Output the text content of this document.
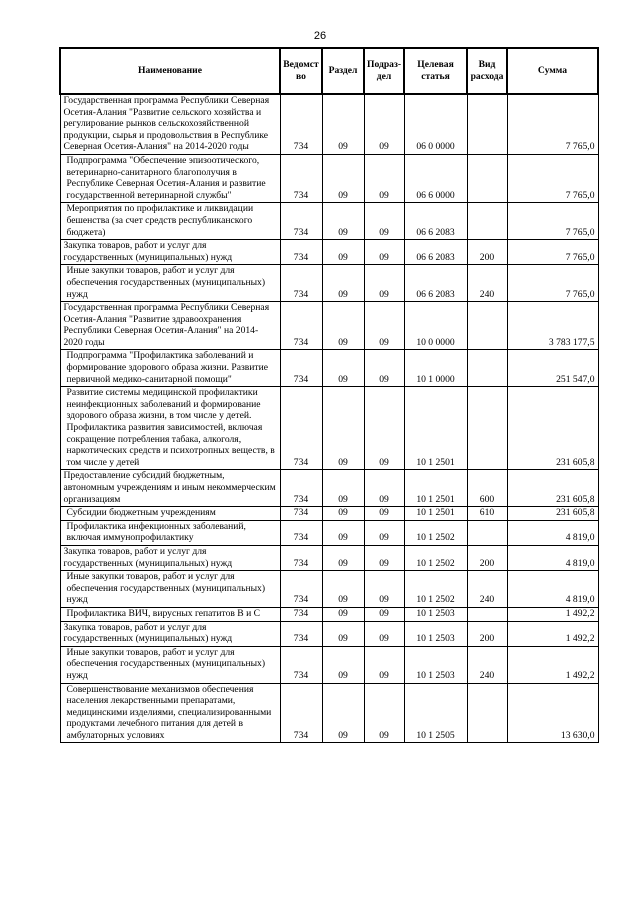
26
Наименование	Ведомст во	Раздел	Подраз- дел	Целевая статья	Вид расхода	Сумма
Государственная программа Республики Северная Осетия-Алания "Развитие сельского хозяйства и регулирование рынков сельскохозяйственной продукции, сырья и продовольствия в Республике Северная Осетия-Алания" на 2014-2020 годы	734	09	09	06 0 0000		7 765,0
Подпрограмма "Обеспечение эпизоотического, ветеринарно-санитарного благополучия в Республике Северная Осетия-Алания и развитие государственной ветеринарной службы"	734	09	09	06 6 0000		7 765,0
Мероприятия по профилактике и ликвидации бешенства (за счет средств республиканского бюджета)	734	09	09	06 6 2083		7 765,0
Закупка товаров, работ и услуг для государственных (муниципальных) нужд	734	09	09	06 6 2083	200	7 765,0
Иные закупки товаров, работ и услуг для обеспечения государственных (муниципальных) нужд	734	09	09	06 6 2083	240	7 765,0
Государственная программа Республики Северная Осетия-Алания "Развитие здравоохранения Республики Северная Осетия-Алания" на 2014-2020 годы	734	09	09	10 0 0000		3 783 177,5
Подпрограмма "Профилактика заболеваний и формирование здорового образа жизни. Развитие первичной медико-санитарной помощи"	734	09	09	10 1 0000		251 547,0
Развитие системы медицинской профилактики неинфекционных заболеваний и формирование здорового образа жизни, в том числе у детей. Профилактика развития зависимостей, включая сокращение потребления табака, алкоголя, наркотических средств и психотропных веществ, в том числе у детей	734	09	09	10 1 2501		231 605,8
Предоставление субсидий бюджетным, автономным учреждениям и иным некоммерческим организациям	734	09	09	10 1 2501	600	231 605,8
Субсидии бюджетным учреждениям	734	09	09	10 1 2501	610	231 605,8
Профилактика инфекционных заболеваний, включая иммунопрофилактику	734	09	09	10 1 2502		4 819,0
Закупка товаров, работ и услуг для государственных (муниципальных) нужд	734	09	09	10 1 2502	200	4 819,0
Иные закупки товаров, работ и услуг для обеспечения государственных (муниципальных) нужд	734	09	09	10 1 2502	240	4 819,0
Профилактика ВИЧ, вирусных гепатитов В и С	734	09	09	10 1 2503		1 492,2
Закупка товаров, работ и услуг для государственных (муниципальных) нужд	734	09	09	10 1 2503	200	1 492,2
Иные закупки товаров, работ и услуг для обеспечения государственных (муниципальных) нужд	734	09	09	10 1 2503	240	1 492,2
Совершенствование механизмов обеспечения населения лекарственными препаратами, медицинскими изделиями, специализированными продуктами лечебного питания для детей в амбулаторных условиях	734	09	09	10 1 2505		13 630,0
